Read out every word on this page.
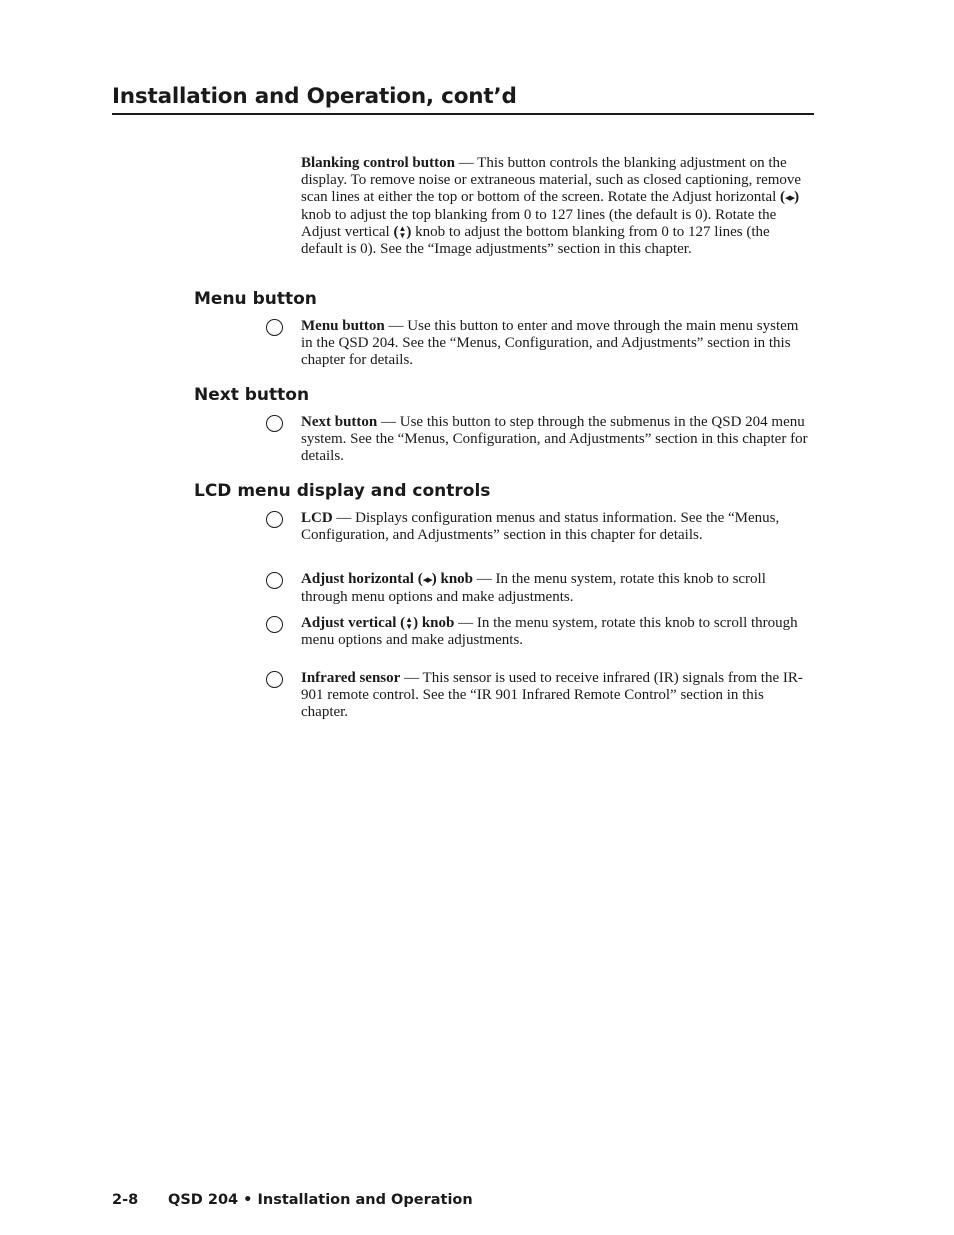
Installation and Operation, cont’d
Blanking control button — This button controls the blanking adjustment on the display. To remove noise or extraneous material, such as closed captioning, remove scan lines at either the top or bottom of the screen. Rotate the Adjust horizontal (◂▸) knob to adjust the top blanking from 0 to 127 lines (the default is 0). Rotate the Adjust vertical (▲
▼) knob to adjust the bottom blanking from 0 to 127 lines (the default is 0). See the “Image adjustments” section in this chapter.
Menu button
Menu button — Use this button to enter and move through the main menu system in the QSD 204. See the “Menus, Configuration, and Adjustments” section in this chapter for details.
Next button
Next button — Use this button to step through the submenus in the QSD 204 menu system. See the “Menus, Configuration, and Adjustments” section in this chapter for details.
LCD menu display and controls
LCD — Displays configuration menus and status information. See the “Menus, Configuration, and Adjustments” section in this chapter for details.
Adjust horizontal (◂▸) knob — In the menu system, rotate this knob to scroll through menu options and make adjustments.
Adjust vertical (▲
▼) knob — In the menu system, rotate this knob to scroll through menu options and make adjustments.
Infrared sensor — This sensor is used to receive infrared (IR) signals from the IR-901 remote control. See the “IR 901 Infrared Remote Control” section in this chapter.
2-8 QSD 204 • Installation and Operation
